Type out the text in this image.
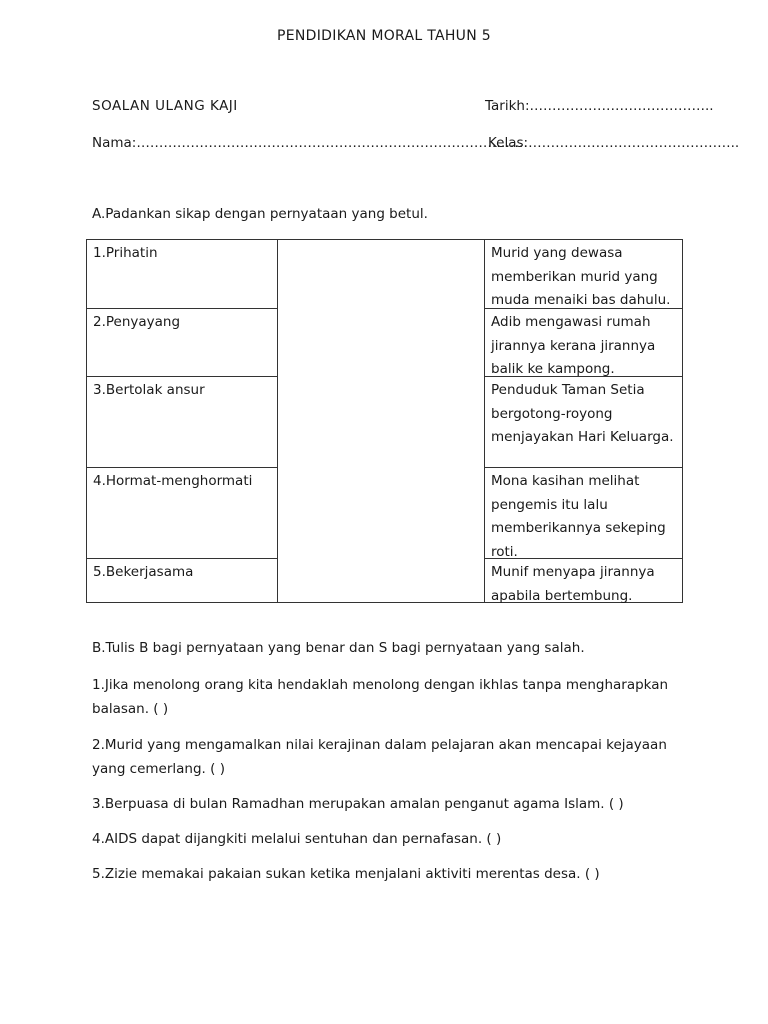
PENDIDIKAN MORAL TAHUN 5
SOALAN ULANG KAJI	Tarikh:…………………………………..
Nama:……………………………………………………………………………
Kelas:………………………………………..
A.Padankan sikap dengan pernyataan yang betul.
1.Prihatin
2.Penyayang
3.Bertolak ansur
4.Hormat-menghormati
5.Bekerjasama
Murid yang dewasa memberikan murid yang muda menaiki bas dahulu.
Adib mengawasi rumah jirannya kerana jirannya balik ke kampong.
Penduduk Taman Setia bergotong-royong menjayakan Hari Keluarga.
Mona kasihan melihat pengemis itu lalu memberikannya sekeping roti.
Munif menyapa jirannya apabila bertembung.
B.Tulis B bagi pernyataan yang benar dan S bagi pernyataan yang salah.
1.Jika menolong orang kita hendaklah menolong dengan ikhlas tanpa mengharapkan balasan. ( )
2.Murid yang mengamalkan nilai kerajinan dalam pelajaran akan mencapai kejayaan yang cemerlang. ( )
3.Berpuasa di bulan Ramadhan merupakan amalan penganut agama Islam. ( )
4.AIDS dapat dijangkiti melalui sentuhan dan pernafasan. ( )
5.Zizie memakai pakaian sukan ketika menjalani aktiviti merentas desa. ( )
